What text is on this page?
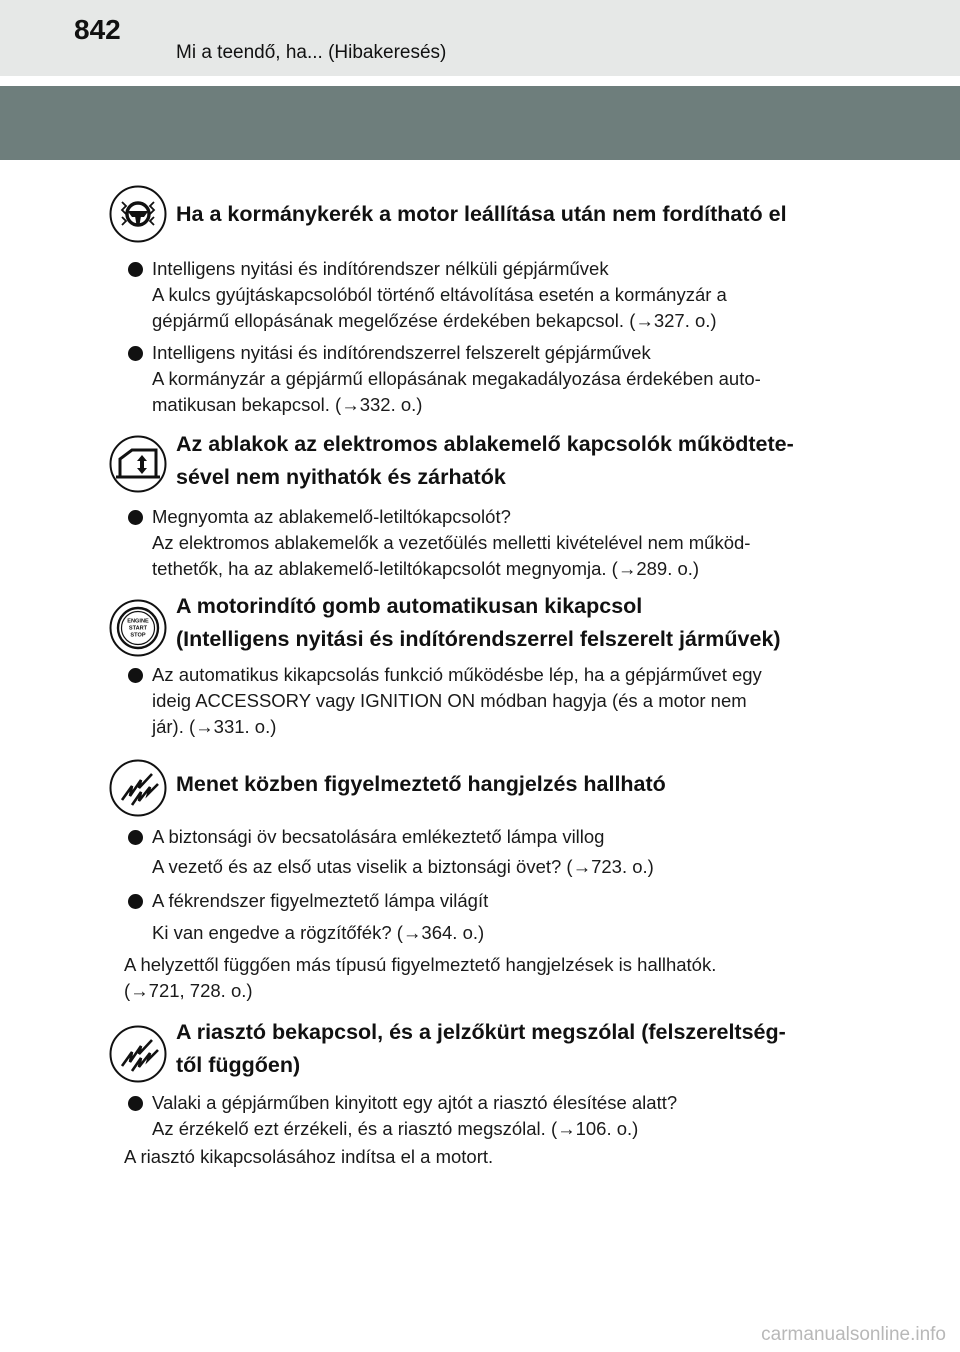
842
Mi a teendő, ha... (Hibakeresés)
Ha a kormánykerék a motor leállítása után nem fordítható el
Intelligens nyitási és indítórendszer nélküli gépjárművek
A kulcs gyújtáskapcsolóból történő eltávolítása esetén a kormányzár a
gépjármű ellopásának megelőzése érdekében bekapcsol. (→327. o.)
Intelligens nyitási és indítórendszerrel felszerelt gépjárművek
A kormányzár a gépjármű ellopásának megakadályozása érdekében auto-
matikusan bekapcsol. (→332. o.)
Az ablakok az elektromos ablakemelő kapcsolók működtete-
sével nem nyithatók és zárhatók
Megnyomta az ablakemelő-letiltókapcsolót?
Az elektromos ablakemelők a vezetőülés melletti kivételével nem működ-
tethetők, ha az ablakemelő-letiltókapcsolót megnyomja. (→289. o.)
ENGINE
START
STOP
A motorindító gomb automatikusan kikapcsol
(Intelligens nyitási és indítórendszerrel felszerelt járművek)
Az automatikus kikapcsolás funkció működésbe lép, ha a gépjárművet egy
ideig ACCESSORY vagy IGNITION ON módban hagyja (és a motor nem
jár). (→331. o.)
Menet közben figyelmeztető hangjelzés hallható
A biztonsági öv becsatolására emlékeztető lámpa villog
A vezető és az első utas viselik a biztonsági övet? (→723. o.)
A fékrendszer figyelmeztető lámpa világít
Ki van engedve a rögzítőfék? (→364. o.)
A helyzettől függően más típusú figyelmeztető hangjelzések is hallhatók.
(→721, 728. o.)
A riasztó bekapcsol, és a jelzőkürt megszólal (felszereltség-
től függően)
Valaki a gépjárműben kinyitott egy ajtót a riasztó élesítése alatt?
Az érzékelő ezt érzékeli, és a riasztó megszólal. (→106. o.)
A riasztó kikapcsolásához indítsa el a motort.
carmanualsonline.info
